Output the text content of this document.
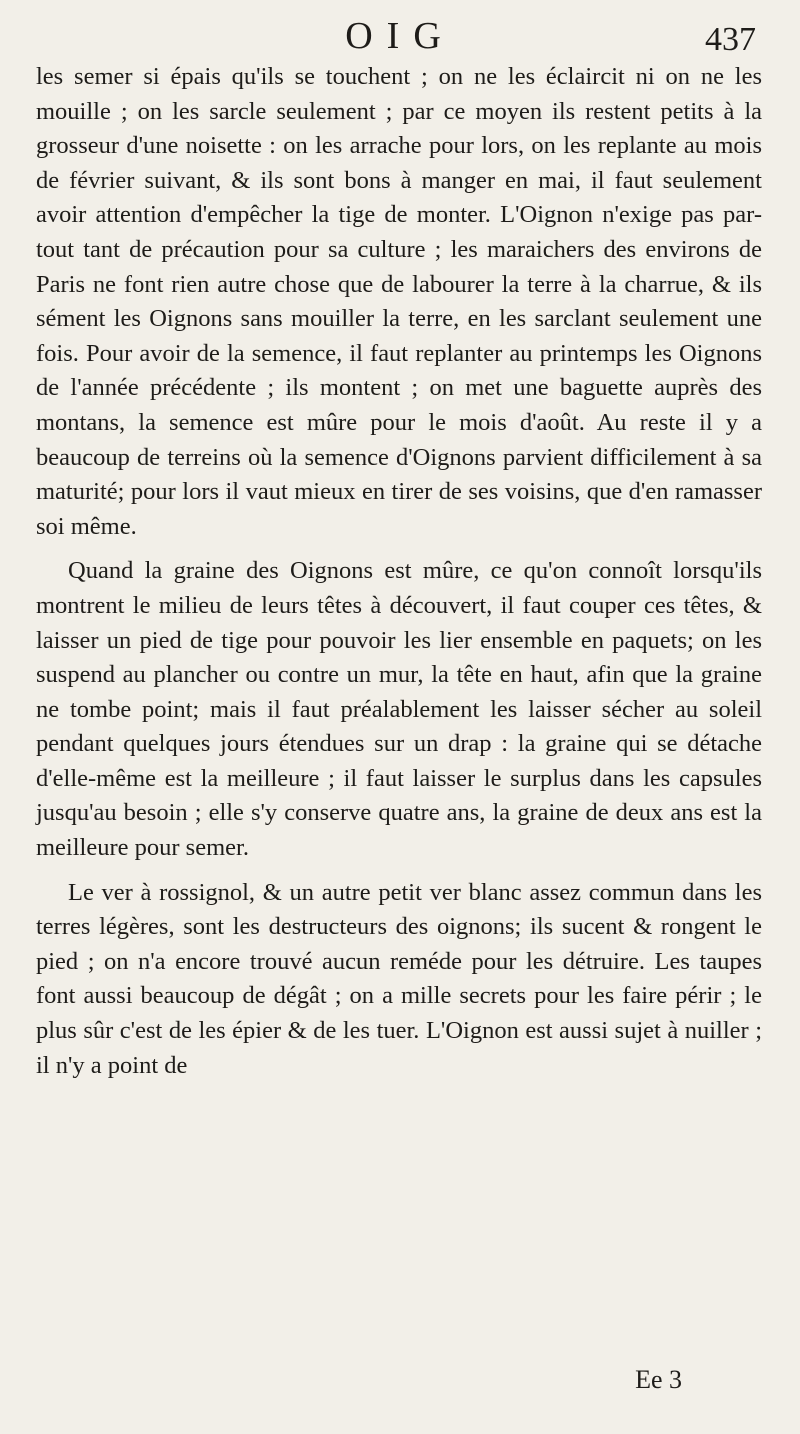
OIG	437

les semer si épais qu'ils se touchent ; on ne les éclaircit ni on ne les mouille ; on les sarcle seulement ; par ce moyen ils restent petits à la grosseur d'une noisette : on les arrache pour lors, on les replante au mois de février suivant, & ils sont bons à manger en mai, il faut seulement avoir attention d'empêcher la tige de monter. L'Oignon n'exige pas par-tout tant de précaution pour sa culture ; les maraichers des environs de Paris ne font rien autre chose que de labourer la terre à la charrue, & ils sément les Oignons sans mouiller la terre, en les sarclant seulement une fois. Pour avoir de la semence, il faut replanter au printemps les Oignons de l'année précédente ; ils montent ; on met une baguette auprès des montans, la semence est mûre pour le mois d'août. Au reste il y a beaucoup de terreins où la semence d'Oignons parvient difficilement à sa maturité; pour lors il vaut mieux en tirer de ses voisins, que d'en ramasser soi même.

Quand la graine des Oignons est mûre, ce qu'on connoît lorsqu'ils montrent le milieu de leurs têtes à découvert, il faut couper ces têtes, & laisser un pied de tige pour pouvoir les lier ensemble en paquets; on les suspend au plancher ou contre un mur, la tête en haut, afin que la graine ne tombe point; mais il faut préalablement les laisser sécher au soleil pendant quelques jours étendues sur un drap : la graine qui se détache d'elle-même est la meilleure ; il faut laisser le surplus dans les capsules jusqu'au besoin ; elle s'y conserve quatre ans, la graine de deux ans est la meilleure pour semer.

Le ver à rossignol, & un autre petit ver blanc assez commun dans les terres légères, sont les destructeurs des oignons; ils sucent & rongent le pied ; on n'a encore trouvé aucun reméde pour les détruire. Les taupes font aussi beaucoup de dégât ; on a mille secrets pour les faire périr ; le plus sûr c'est de les épier & de les tuer. L'Oignon est aussi sujet à nuiller ; il n'y a point de

Ee 3
